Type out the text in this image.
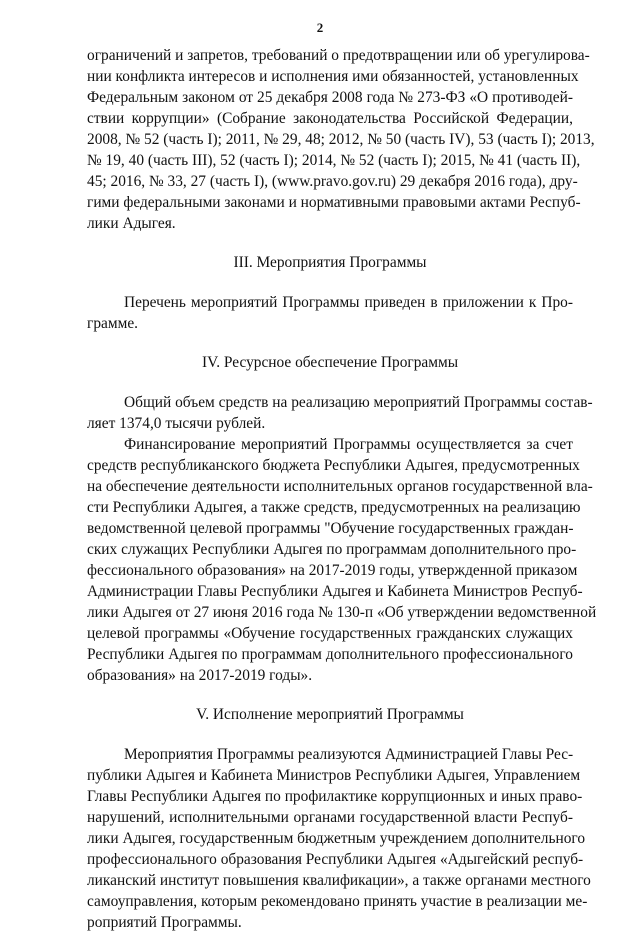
2
ограничений и запретов, требований о предотвращении или об урегулирова-
нии конфликта интересов и исполнения ими обязанностей, установленных
Федеральным законом от 25 декабря 2008 года № 273-ФЗ «О противодей-
ствии коррупции» (Собрание законодательства Российской Федерации,
2008, № 52 (часть I); 2011, № 29, 48; 2012, № 50 (часть IV), 53 (часть I); 2013,
№ 19, 40 (часть III), 52 (часть I); 2014, № 52 (часть I); 2015, № 41 (часть II),
45; 2016, № 33, 27 (часть I), (www.pravo.gov.ru) 29 декабря 2016 года), дру-
гими федеральными законами и нормативными правовыми актами Респуб-
лики Адыгея.
III. Мероприятия Программы
Перечень мероприятий Программы приведен в приложении к Про-
грамме.
IV. Ресурсное обеспечение Программы
Общий объем средств на реализацию мероприятий Программы состав-
ляет 1374,0 тысячи рублей.
Финансирование мероприятий Программы осуществляется за счет
средств республиканского бюджета Республики Адыгея, предусмотренных
на обеспечение деятельности исполнительных органов государственной вла-
сти Республики Адыгея, а также средств, предусмотренных на реализацию
ведомственной целевой программы "Обучение государственных граждан-
ских служащих Республики Адыгея по программам дополнительного про-
фессионального образования» на 2017-2019 годы, утвержденной приказом
Администрации Главы Республики Адыгея и Кабинета Министров Респуб-
лики Адыгея от 27 июня 2016 года № 130-п «Об утверждении ведомственной
целевой программы «Обучение государственных гражданских служащих
Республики Адыгея по программам дополнительного профессионального
образования» на 2017-2019 годы».
V. Исполнение мероприятий Программы
Мероприятия Программы реализуются Администрацией Главы Рес-
публики Адыгея и Кабинета Министров Республики Адыгея, Управлением
Главы Республики Адыгея по профилактике коррупционных и иных право-
нарушений, исполнительными органами государственной власти Респуб-
лики Адыгея, государственным бюджетным учреждением дополнительного
профессионального образования Республики Адыгея «Адыгейский респуб-
ликанский институт повышения квалификации», а также органами местного
самоуправления, которым рекомендовано принять участие в реализации ме-
роприятий Программы.
